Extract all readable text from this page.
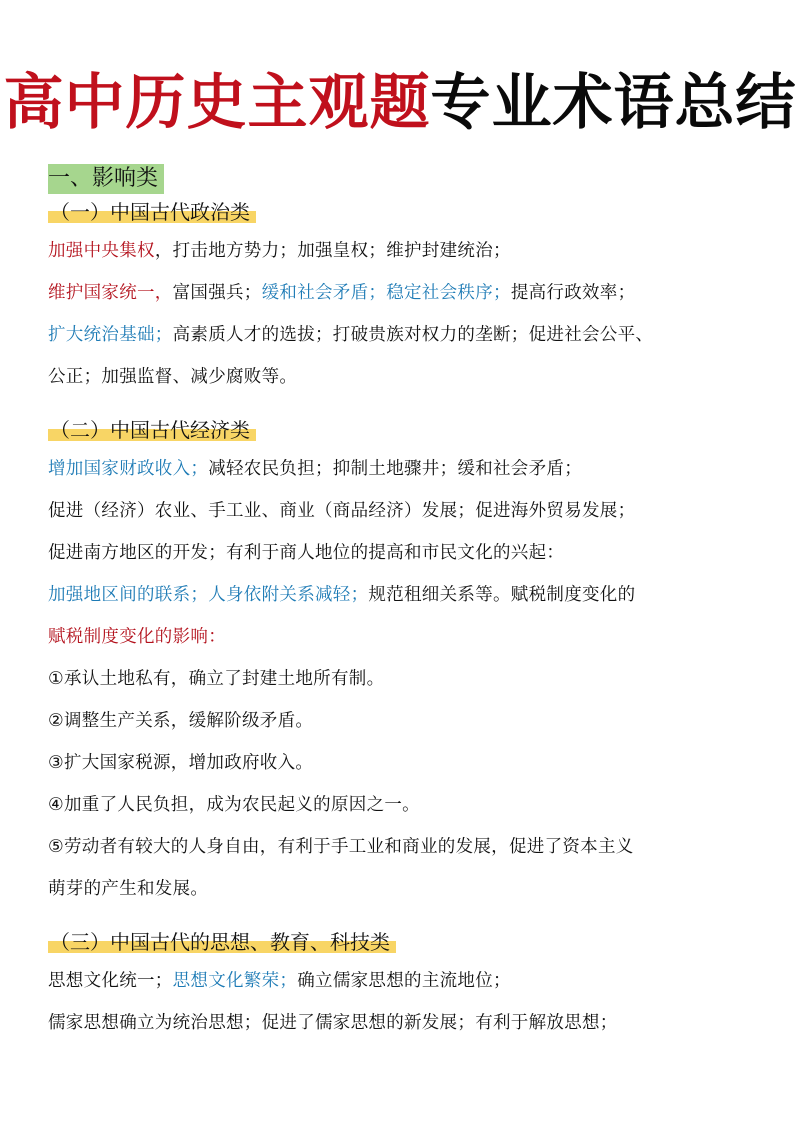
高中历史主观题专业术语总结
一、影响类
（一）中国古代政治类
加强中央集权，打击地方势力；加强皇权；维护封建统治；
维护国家统一，富国强兵；缓和社会矛盾；稳定社会秩序；提高行政效率；
扩大统治基础；高素质人才的选拔；打破贵族对权力的垄断；促进社会公平、
公正；加强监督、减少腐败等。
（二）中国古代经济类
增加国家财政收入；减轻农民负担；抑制土地骤井；缓和社会矛盾；
促进（经济）农业、手工业、商业（商品经济）发展；促进海外贸易发展；
促进南方地区的开发；有利于商人地位的提高和市民文化的兴起：
加强地区间的联系；人身依附关系减轻；规范租细关系等。赋税制度变化的
赋税制度变化的影响：
①承认土地私有，确立了封建土地所有制。
②调整生产关系，缓解阶级矛盾。
③扩大国家税源，增加政府收入。
④加重了人民负担，成为农民起义的原因之一。
⑤劳动者有较大的人身自由，有利于手工业和商业的发展，促进了资本主义
萌芽的产生和发展。
（三）中国古代的思想、教育、科技类
思想文化统一；思想文化繁荣；确立儒家思想的主流地位；
儒家思想确立为统治思想；促进了儒家思想的新发展；有利于解放思想；
